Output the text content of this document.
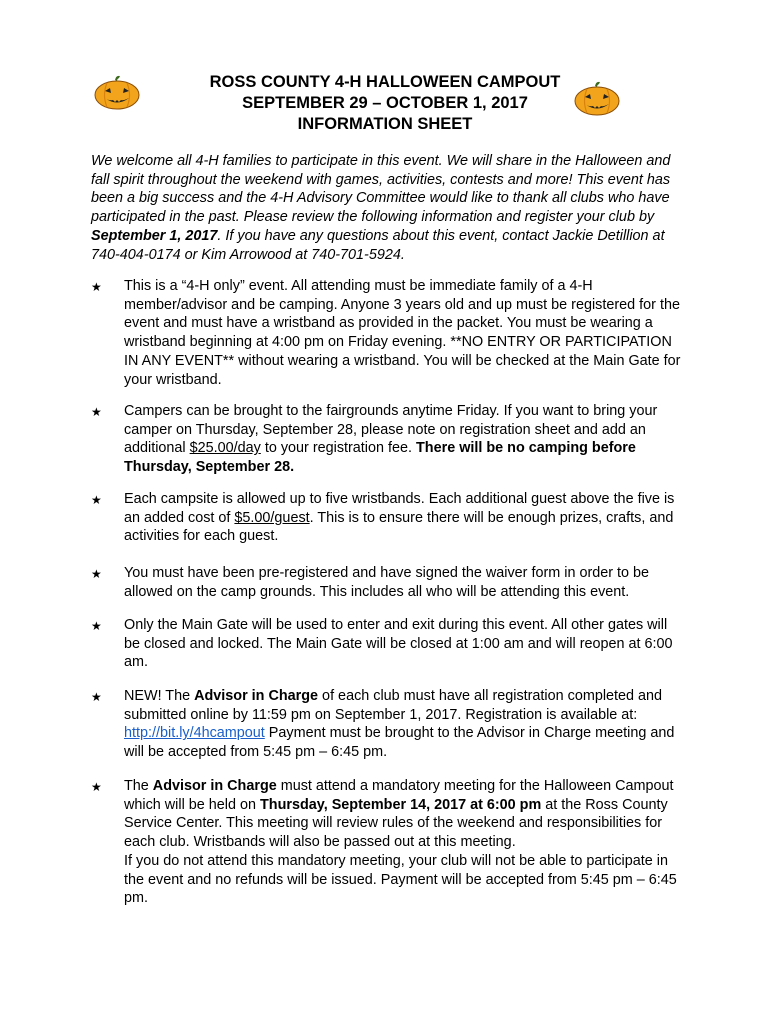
ROSS COUNTY 4-H HALLOWEEN CAMPOUT
SEPTEMBER 29 – OCTOBER 1, 2017
INFORMATION SHEET
We welcome all 4-H families to participate in this event. We will share in the Halloween and fall spirit throughout the weekend with games, activities, contests and more! This event has been a big success and the 4-H Advisory Committee would like to thank all clubs who have participated in the past. Please review the following information and register your club by September 1, 2017. If you have any questions about this event, contact Jackie Detillion at 740-404-0174 or Kim Arrowood at 740-701-5924.
★ This is a “4-H only” event. All attending must be immediate family of a 4-H member/advisor and be camping. Anyone 3 years old and up must be registered for the event and must have a wristband as provided in the packet. You must be wearing a wristband beginning at 4:00 pm on Friday evening. **NO ENTRY OR PARTICIPATION IN ANY EVENT** without wearing a wristband. You will be checked at the Main Gate for your wristband.
★ Campers can be brought to the fairgrounds anytime Friday. If you want to bring your camper on Thursday, September 28, please note on registration sheet and add an additional $25.00/day to your registration fee. There will be no camping before Thursday, September 28.
★ Each campsite is allowed up to five wristbands. Each additional guest above the five is an added cost of $5.00/guest. This is to ensure there will be enough prizes, crafts, and activities for each guest.
★ You must have been pre-registered and have signed the waiver form in order to be allowed on the camp grounds. This includes all who will be attending this event.
★ Only the Main Gate will be used to enter and exit during this event. All other gates will be closed and locked. The Main Gate will be closed at 1:00 am and will reopen at 6:00 am.
★ NEW! The Advisor in Charge of each club must have all registration completed and submitted online by 11:59 pm on September 1, 2017. Registration is available at: http://bit.ly/4hcampout Payment must be brought to the Advisor in Charge meeting and will be accepted from 5:45 pm – 6:45 pm.
★ The Advisor in Charge must attend a mandatory meeting for the Halloween Campout which will be held on Thursday, September 14, 2017 at 6:00 pm at the Ross County Service Center. This meeting will review rules of the weekend and responsibilities for each club. Wristbands will also be passed out at this meeting.
If you do not attend this mandatory meeting, your club will not be able to participate in the event and no refunds will be issued. Payment will be accepted from 5:45 pm – 6:45 pm.
